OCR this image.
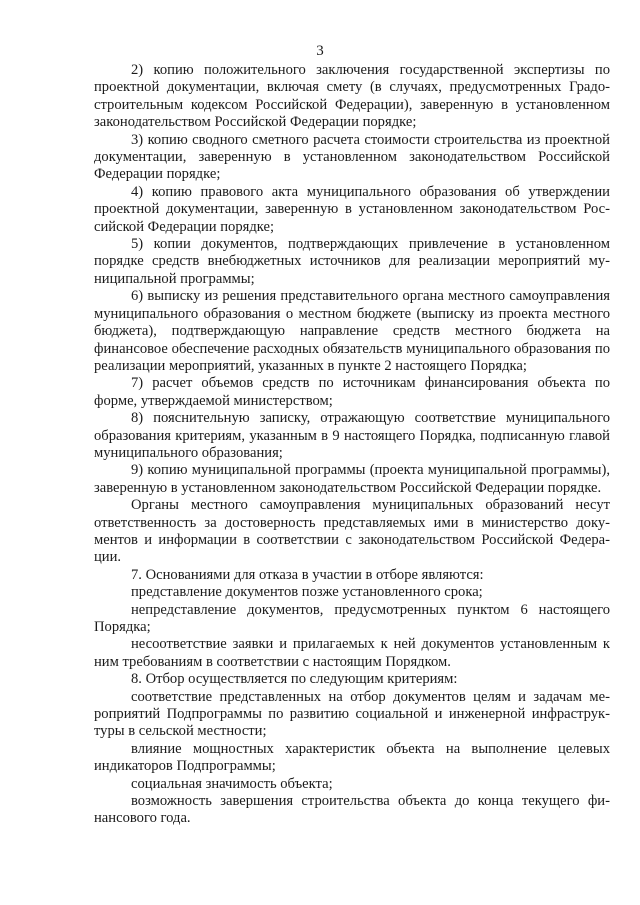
3

2) копию положительного заключения государственной экспертизы по проектной документации, включая смету (в случаях, предусмотренных Градостроительным кодексом Российской Федерации), заверенную в установленном законодательством Российской Федерации порядке;

3) копию сводного сметного расчета стоимости строительства из проектной документации, заверенную в установленном законодательством Российской Федерации порядке;

4) копию правового акта муниципального образования об утверждении проектной документации, заверенную в установленном законодательством Российской Федерации порядке;

5) копии документов, подтверждающих привлечение в установленном порядке средств внебюджетных источников для реализации мероприятий муниципальной программы;

6) выписку из решения представительного органа местного самоуправления муниципального образования о местном бюджете (выписку из проекта местного бюджета), подтверждающую направление средств местного бюджета на финансовое обеспечение расходных обязательств муниципального образования по реализации мероприятий, указанных в пункте 2 настоящего Порядка;

7) расчет объемов средств по источникам финансирования объекта по форме, утверждаемой министерством;

8) пояснительную записку, отражающую соответствие муниципального образования критериям, указанным в 9 настоящего Порядка, подписанную главой муниципального образования;

9) копию муниципальной программы (проекта муниципальной программы), заверенную в установленном законодательством Российской Федерации порядке.

Органы местного самоуправления муниципальных образований несут ответственность за достоверность представляемых ими в министерство документов и информации в соответствии с законодательством Российской Федерации.

7. Основаниями для отказа в участии в отборе являются:

представление документов позже установленного срока;

непредставление документов, предусмотренных пунктом 6 настоящего Порядка;

несоответствие заявки и прилагаемых к ней документов установленным к ним требованиям в соответствии с настоящим Порядком.

8. Отбор осуществляется по следующим критериям:

соответствие представленных на отбор документов целям и задачам мероприятий Подпрограммы по развитию социальной и инженерной инфраструктуры в сельской местности;

влияние мощностных характеристик объекта на выполнение целевых индикаторов Подпрограммы;

социальная значимость объекта;

возможность завершения строительства объекта до конца текущего финансового года.
